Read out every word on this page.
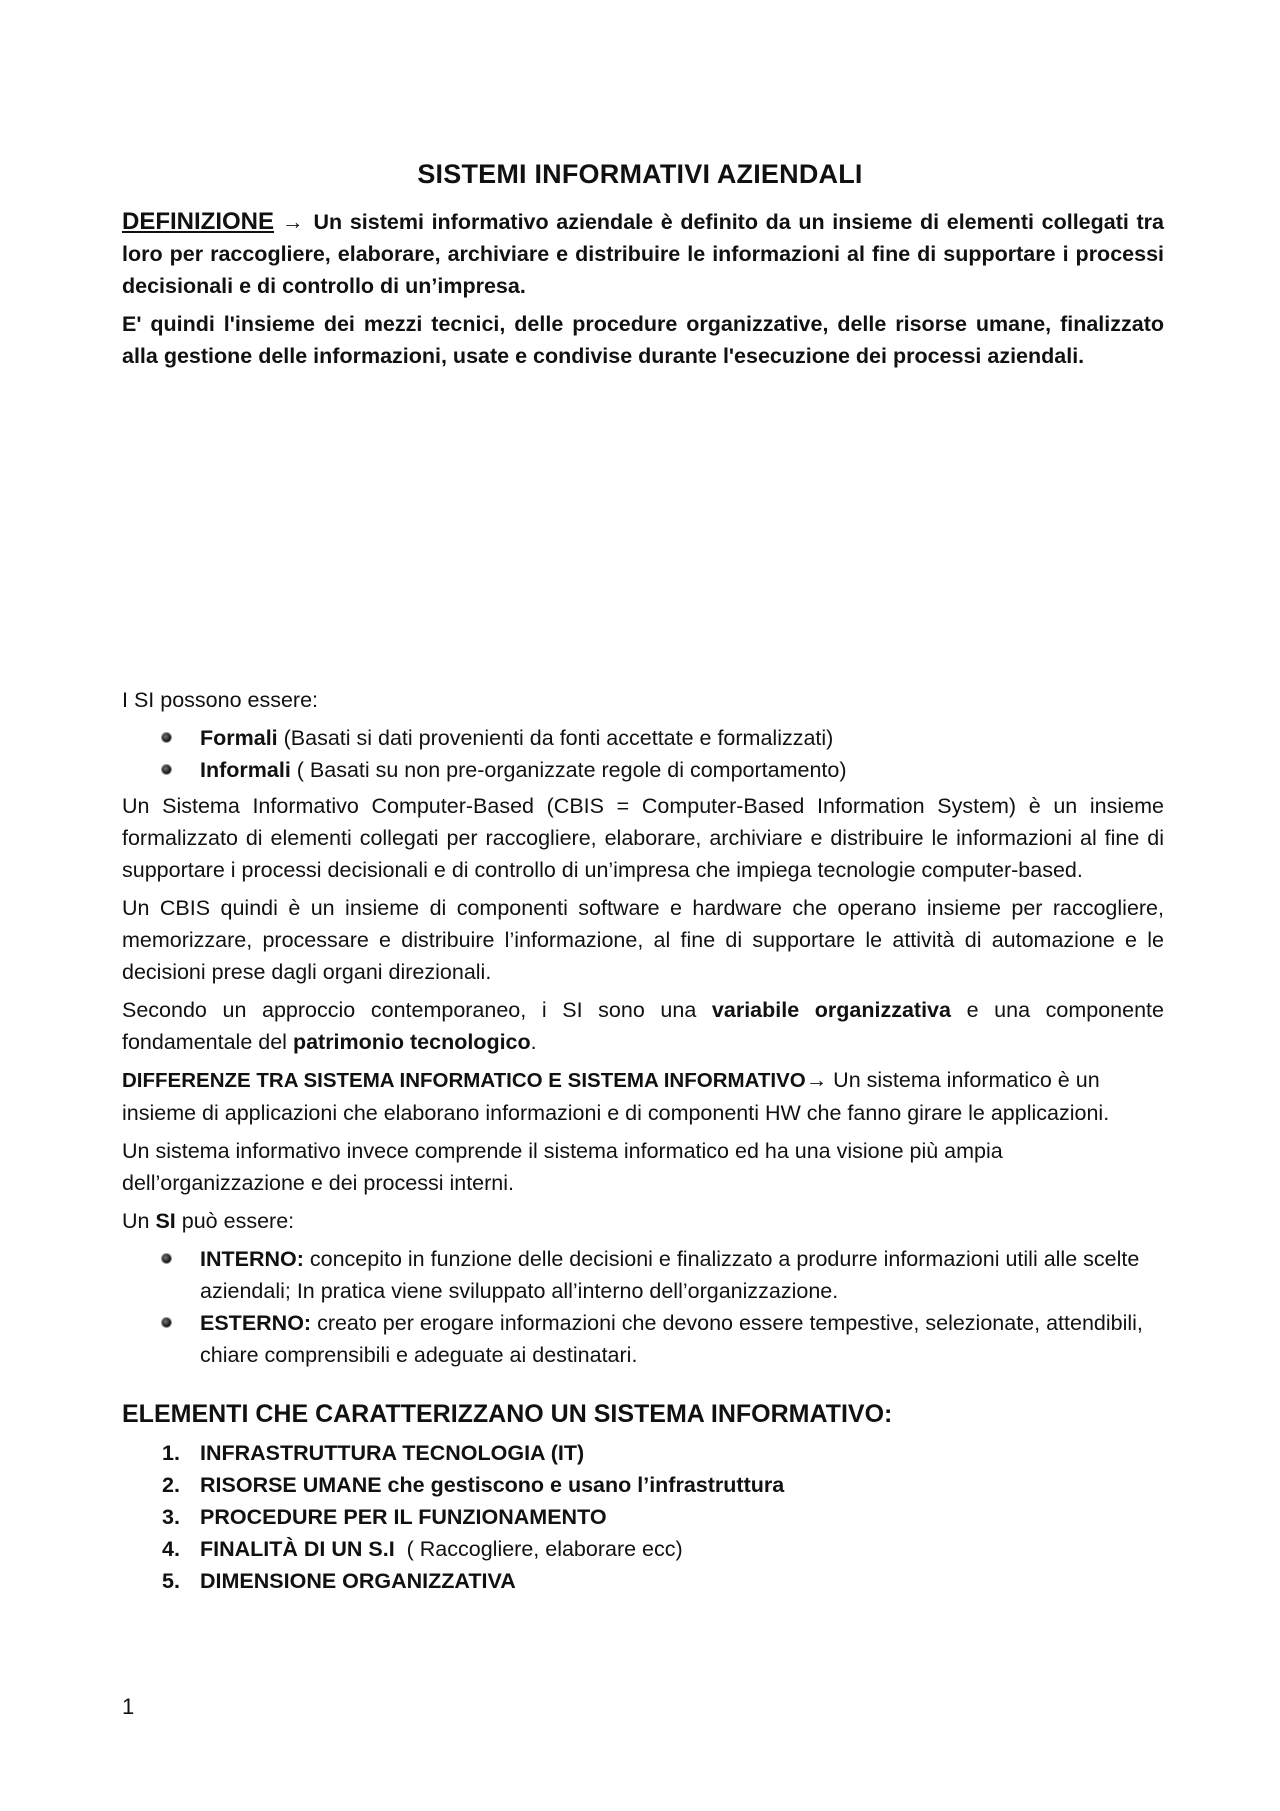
SISTEMI INFORMATIVI AZIENDALI

DEFINIZIONE → Un sistemi informativo aziendale è definito da un insieme di elementi collegati tra loro per raccogliere, elaborare, archiviare e distribuire le informazioni al fine di supportare i processi decisionali e di controllo di un’impresa.

E' quindi l'insieme dei mezzi tecnici, delle procedure organizzative, delle risorse umane, finalizzato alla gestione delle informazioni, usate e condivise durante l'esecuzione dei processi aziendali.

I SI possono essere:

Formali (Basati si dati provenienti da fonti accettate e formalizzati)
Informali ( Basati su non pre-organizzate regole di comportamento)

Un Sistema Informativo Computer-Based (CBIS = Computer-Based Information System) è un insieme formalizzato di elementi collegati per raccogliere, elaborare, archiviare e distribuire le informazioni al fine di supportare i processi decisionali e di controllo di un’impresa che impiega tecnologie computer-based.

Un CBIS quindi è un insieme di componenti software e hardware che operano insieme per raccogliere, memorizzare, processare e distribuire l’informazione, al fine di supportare le attività di automazione e le decisioni prese dagli organi direzionali.

Secondo un approccio contemporaneo, i SI sono una variabile organizzativa e una componente fondamentale del patrimonio tecnologico.

DIFFERENZE TRA SISTEMA INFORMATICO E SISTEMA INFORMATIVO→ Un sistema informatico è un insieme di applicazioni che elaborano informazioni e di componenti HW che fanno girare le applicazioni.

Un sistema informativo invece comprende il sistema informatico ed ha una visione più ampia dell’organizzazione e dei processi interni.

Un SI può essere:

INTERNO: concepito in funzione delle decisioni e finalizzato a produrre informazioni utili alle scelte aziendali; In pratica viene sviluppato all’interno dell’organizzazione.
ESTERNO: creato per erogare informazioni che devono essere tempestive, selezionate, attendibili, chiare comprensibili e adeguate ai destinatari.
ELEMENTI CHE CARATTERIZZANO UN SISTEMA INFORMATIVO:
1. INFRASTRUTTURA TECNOLOGIA (IT)
2. RISORSE UMANE che gestiscono e usano l’infrastruttura
3. PROCEDURE PER IL FUNZIONAMENTO
4. FINALITÀ DI UN S.I  ( Raccogliere, elaborare ecc)
5. DIMENSIONE ORGANIZZATIVA
1
